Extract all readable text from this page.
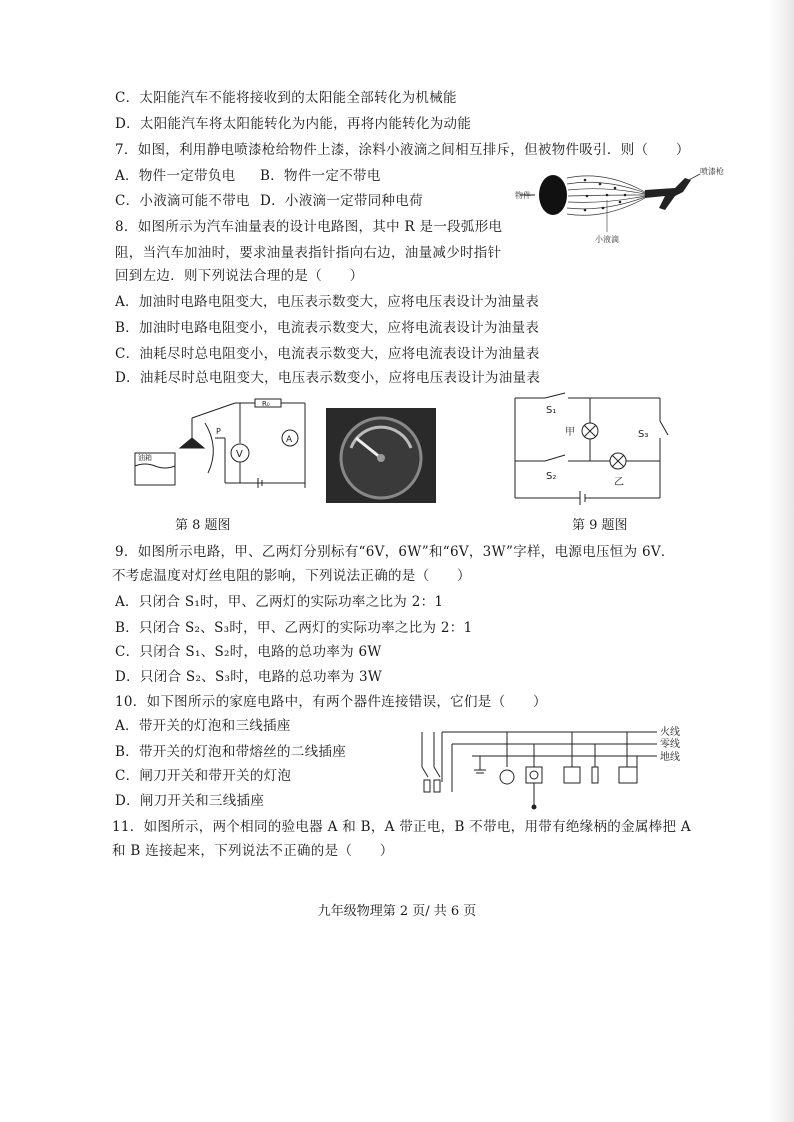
C．太阳能汽车不能将接收到的太阳能全部转化为机械能
D．太阳能汽车将太阳能转化为内能，再将内能转化为动能
7．如图，利用静电喷漆枪给物件上漆，涂料小液滴之间相互排斥，但被物件吸引．则（　　）
A．物件一定带负电 B．物件一定不带电
C．小液滴可能不带电 D．小液滴一定带同种电荷
喷漆枪
物件
小液滴
8．如图所示为汽车油量表的设计电路图，其中 R 是一段弧形电
阻，当汽车加油时，要求油量表指针指向右边，油量减少时指针
回到左边．则下列说法合理的是（　　）
A．加油时电路电阻变大，电压表示数变大，应将电压表设计为油量表
B．加油时电路电阻变小，电流表示数变大，应将电流表设计为油量表
C．油耗尽时总电阻变小，电流表示数变大，应将电流表设计为油量表
D．油耗尽时总电阻变大，电压表示数变小，应将电压表设计为油量表
V
A
P
R₀
油箱
S₁
S₂
S₃
甲
乙
第 8 题图	第 9 题图
9．如图所示电路，甲、乙两灯分别标有“6V，6W”和“6V，3W”字样，电源电压恒为 6V．
不考虑温度对灯丝电阻的影响，下列说法正确的是（　　）
A．只闭合 S₁时，甲、乙两灯的实际功率之比为 2：1
B．只闭合 S₂、S₃时，甲、乙两灯的实际功率之比为 2：1
C．只闭合 S₁、S₂时，电路的总功率为 6W
D．只闭合 S₂、S₃时，电路的总功率为 3W
10．如下图所示的家庭电路中，有两个器件连接错误，它们是（　　）
A．带开关的灯泡和三线插座
B．带开关的灯泡和带熔丝的二线插座
C．闸刀开关和带开关的灯泡
D．闸刀开关和三线插座
火线
零线
地线
11．如图所示，两个相同的验电器 A 和 B，A 带正电，B 不带电，用带有绝缘柄的金属棒把 A
和 B 连接起来，下列说法不正确的是（　　）
九年级物理第 2 页/ 共 6 页
